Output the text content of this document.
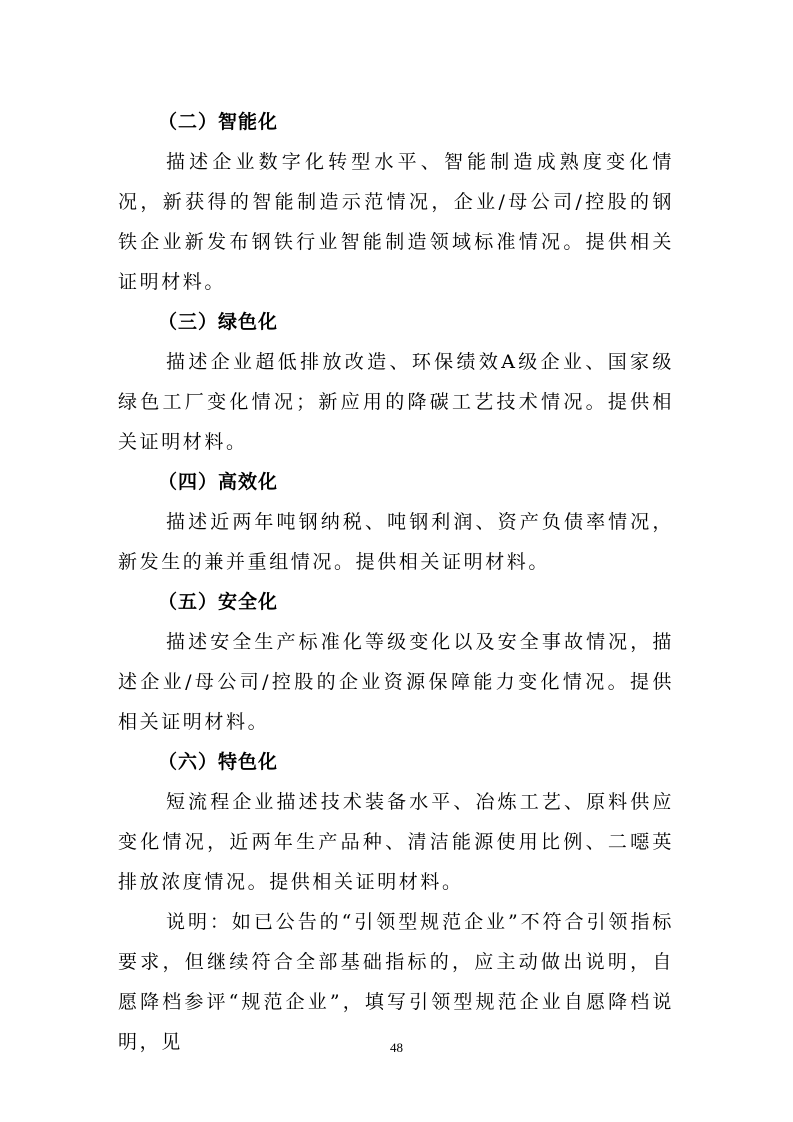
（二）智能化

描述企业数字化转型水平、智能制造成熟度变化情况，新获得的智能制造示范情况，企业/母公司/控股的钢铁企业新发布钢铁行业智能制造领域标准情况。提供相关证明材料。

（三）绿色化

描述企业超低排放改造、环保绩效A级企业、国家级绿色工厂变化情况；新应用的降碳工艺技术情况。提供相关证明材料。

（四）高效化

描述近两年吨钢纳税、吨钢利润、资产负债率情况，新发生的兼并重组情况。提供相关证明材料。

（五）安全化

描述安全生产标准化等级变化以及安全事故情况，描述企业/母公司/控股的企业资源保障能力变化情况。提供相关证明材料。

（六）特色化

短流程企业描述技术装备水平、冶炼工艺、原料供应变化情况，近两年生产品种、清洁能源使用比例、二噁英排放浓度情况。提供相关证明材料。

说明：如已公告的“引领型规范企业”不符合引领指标要求，但继续符合全部基础指标的，应主动做出说明，自愿降档参评“规范企业”，填写引领型规范企业自愿降档说明，见	48
